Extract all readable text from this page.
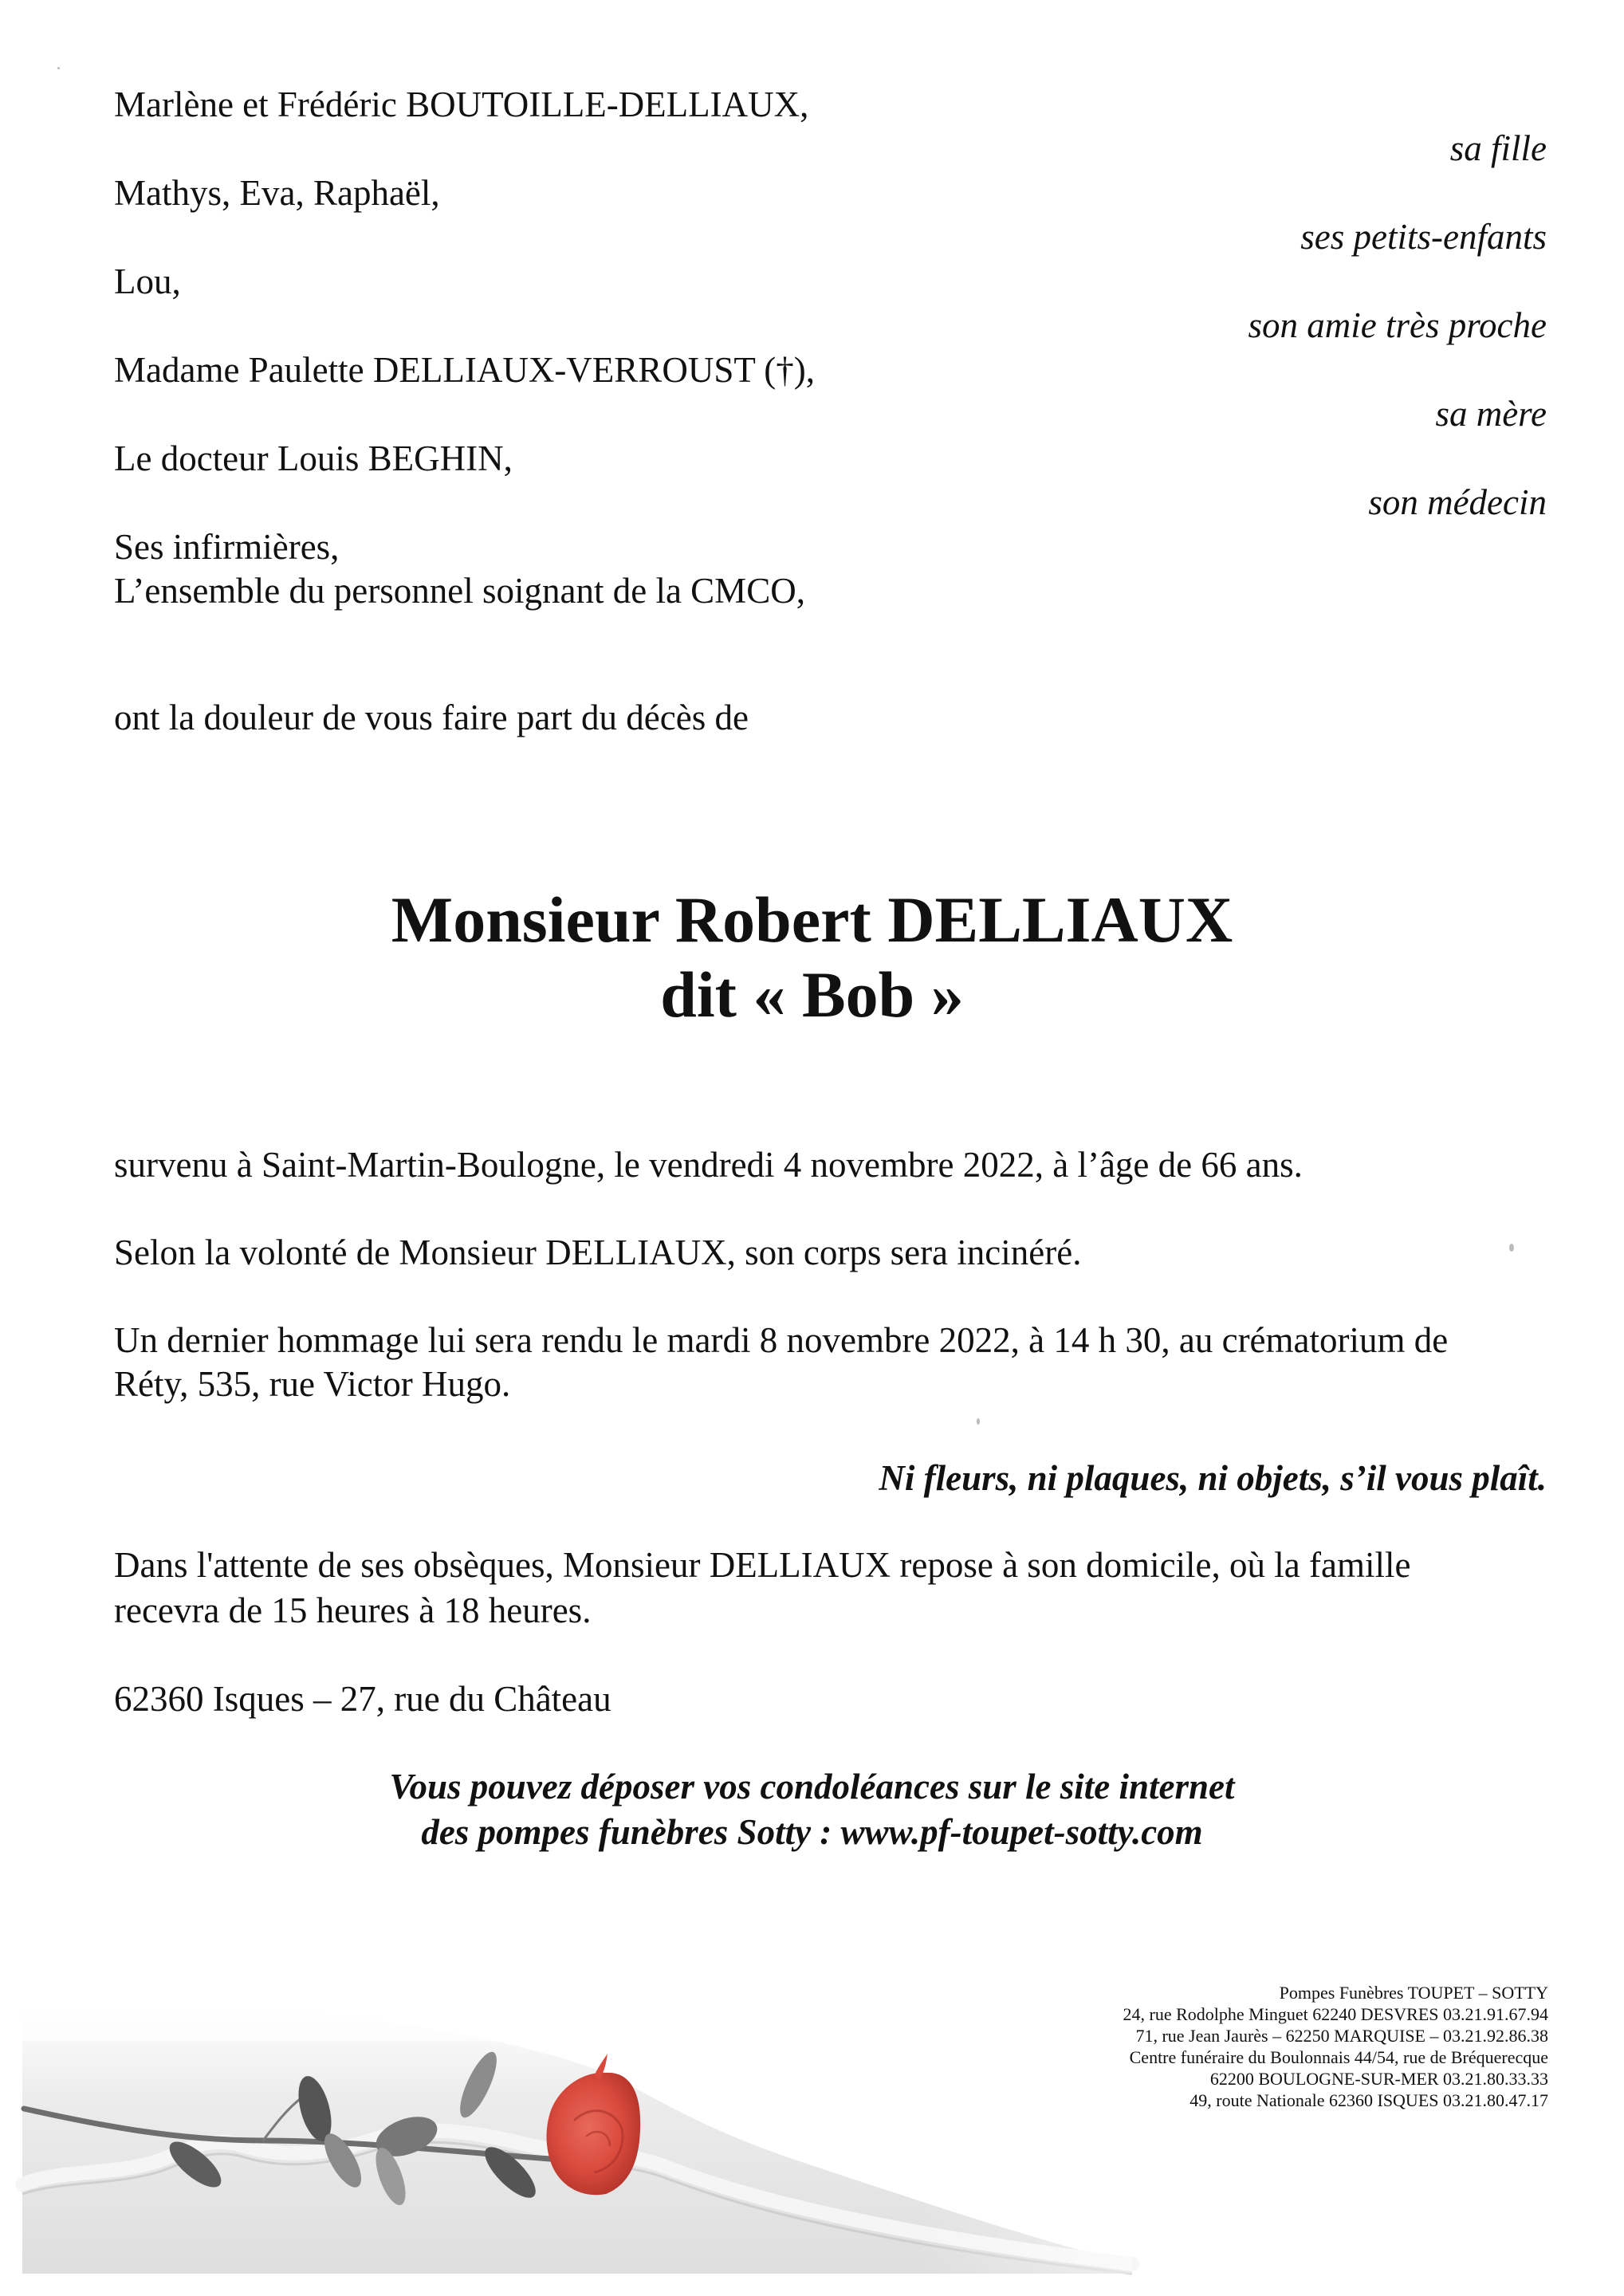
Marlène et Frédéric BOUTOILLE-DELLIAUX,
Mathys, Eva, Raphaël,
Lou,
Madame Paulette DELLIAUX-VERROUST (†),
Le docteur Louis BEGHIN,
Ses infirmières,
L’ensemble du personnel soignant de la CMCO,
sa fille
ses petits-enfants
son amie très proche
sa mère
son médecin
ont la douleur de vous faire part du décès de
Monsieur Robert DELLIAUX
dit « Bob »
survenu à Saint-Martin-Boulogne, le vendredi 4 novembre 2022, à l’âge de 66 ans.
Selon la volonté de Monsieur DELLIAUX, son corps sera incinéré.
Un dernier hommage lui sera rendu le mardi 8 novembre 2022, à 14 h 30, au crématorium de
Réty, 535, rue Victor Hugo.
Ni fleurs, ni plaques, ni objets, s’il vous plaît.
Dans l'attente de ses obsèques, Monsieur DELLIAUX repose à son domicile, où la famille
recevra de 15 heures à 18 heures.
62360 Isques – 27, rue du Château
Vous pouvez déposer vos condoléances sur le site internet
des pompes funèbres Sotty : www.pf-toupet-sotty.com
Pompes Funèbres TOUPET – SOTTY
24, rue Rodolphe Minguet 62240 DESVRES 03.21.91.67.94
71, rue Jean Jaurès – 62250 MARQUISE – 03.21.92.86.38
Centre funéraire du Boulonnais 44/54, rue de Bréquerecque
62200 BOULOGNE-SUR-MER 03.21.80.33.33
49, route Nationale 62360 ISQUES 03.21.80.47.17
